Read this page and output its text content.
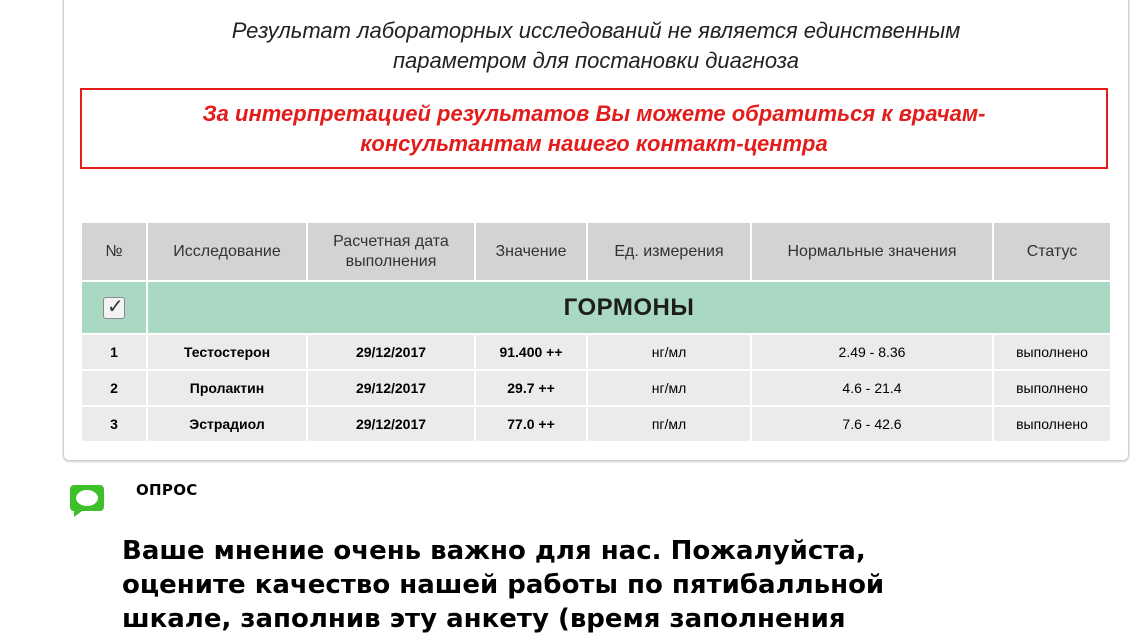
Результат лабораторных исследований не является единственным
параметром для постановки диагноза
За интерпретацией результатов Вы можете обратиться к врачам-
консультантам нашего контакт-центра
№	Исследование	Расчетная дата выполнения	Значение	Ед. измерения	Нормальные значения	Статус

✓	ГОРМОНЫ					
1	Тестостерон	29/12/2017	91.400 ++	нг/мл	2.49 - 8.36	выполнено
2	Пролактин	29/12/2017	29.7 ++	нг/мл	4.6 - 21.4	выполнено
3	Эстрадиол	29/12/2017	77.0 ++	пг/мл	7.6 - 42.6	выполнено
ОПРОС
Ваше мнение очень важно для нас. Пожалуйста,
оцените качество нашей работы по пятибалльной
шкале, заполнив эту анкету (время заполнения
